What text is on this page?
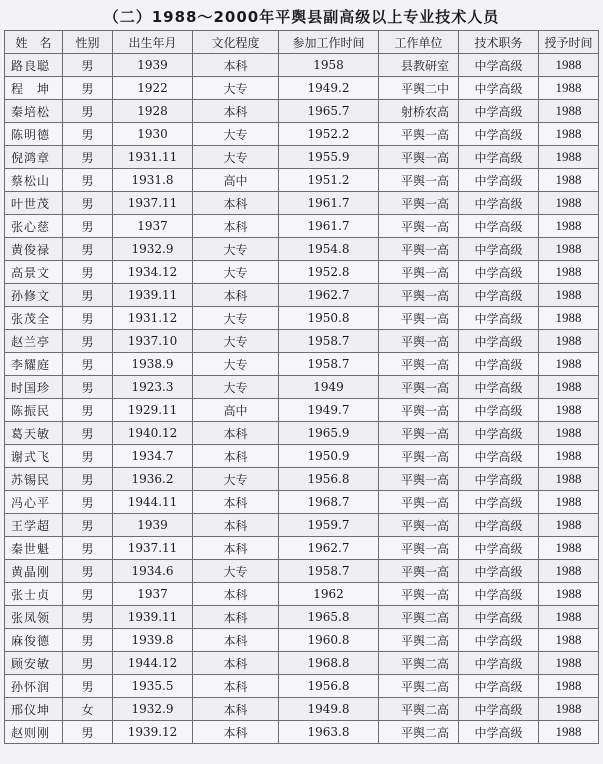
（二）1988～2000年平舆县副高级以上专业技术人员
姓　名	性别	出生年月	文化程度	参加工作时间	工作单位	技术职务	授予时间
路良聪	男	1939	本科	1958	县教研室	中学高级	1988
程　坤	男	1922	大专	1949.2	平舆二中	中学高级	1988
秦培松	男	1928	本科	1965.7	射桥农高	中学高级	1988
陈明德	男	1930	大专	1952.2	平舆一高	中学高级	1988
倪鸿章	男	1931.11	大专	1955.9	平舆一高	中学高级	1988
蔡松山	男	1931.8	高中	1951.2	平舆一高	中学高级	1988
叶世茂	男	1937.11	本科	1961.7	平舆一高	中学高级	1988
张心慈	男	1937	本科	1961.7	平舆一高	中学高级	1988
黄俊禄	男	1932.9	大专	1954.8	平舆一高	中学高级	1988
高景文	男	1934.12	大专	1952.8	平舆一高	中学高级	1988
孙修文	男	1939.11	本科	1962.7	平舆一高	中学高级	1988
张茂全	男	1931.12	大专	1950.8	平舆一高	中学高级	1988
赵兰亭	男	1937.10	大专	1958.7	平舆一高	中学高级	1988
李耀庭	男	1938.9	大专	1958.7	平舆一高	中学高级	1988
时国珍	男	1923.3	大专	1949	平舆一高	中学高级	1988
陈振民	男	1929.11	高中	1949.7	平舆一高	中学高级	1988
葛天敏	男	1940.12	本科	1965.9	平舆一高	中学高级	1988
谢式飞	男	1934.7	本科	1950.9	平舆一高	中学高级	1988
苏锡民	男	1936.2	大专	1956.8	平舆一高	中学高级	1988
冯心平	男	1944.11	本科	1968.7	平舆一高	中学高级	1988
王学超	男	1939	本科	1959.7	平舆一高	中学高级	1988
秦世魁	男	1937.11	本科	1962.7	平舆一高	中学高级	1988
黄晶刚	男	1934.6	大专	1958.7	平舆一高	中学高级	1988
张士贞	男	1937	本科	1962	平舆一高	中学高级	1988
张凤领	男	1939.11	本科	1965.8	平舆二高	中学高级	1988
麻俊德	男	1939.8	本科	1960.8	平舆二高	中学高级	1988
顾安敏	男	1944.12	本科	1968.8	平舆二高	中学高级	1988
孙怀润	男	1935.5	本科	1956.8	平舆二高	中学高级	1988
邢仪坤	女	1932.9	本科	1949.8	平舆二高	中学高级	1988
赵则刚	男	1939.12	本科	1963.8	平舆二高	中学高级	1988
